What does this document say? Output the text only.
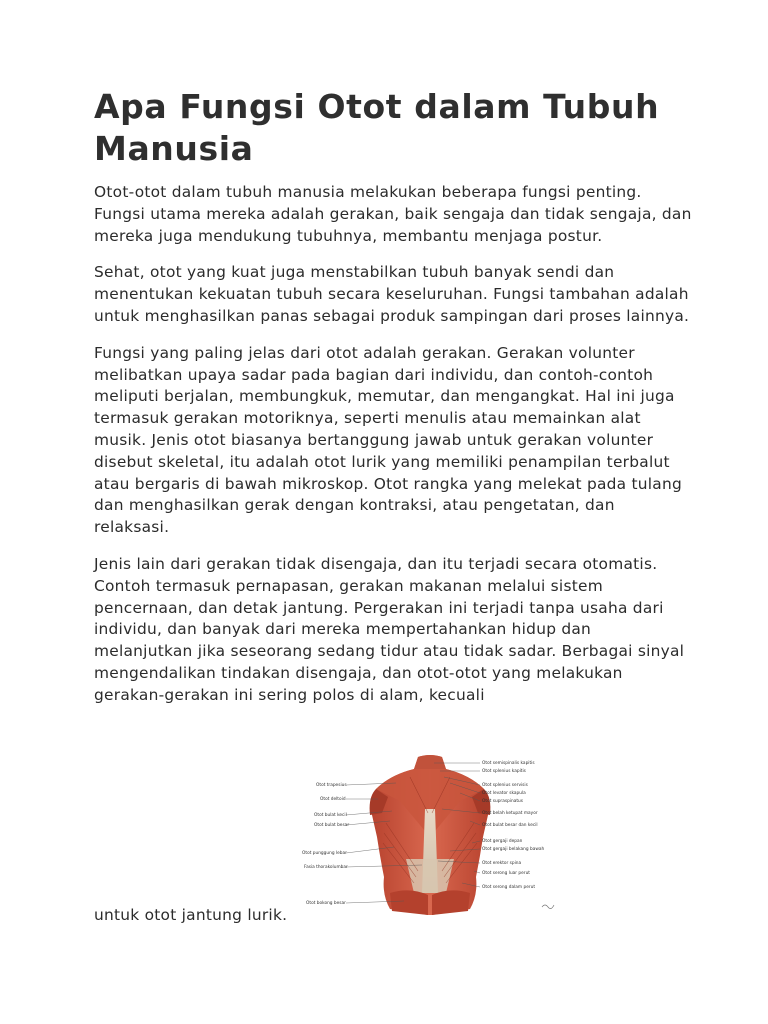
Apa Fungsi Otot dalam Tubuh Manusia

Otot-otot dalam tubuh manusia melakukan beberapa fungsi penting. Fungsi utama mereka adalah gerakan, baik sengaja dan tidak sengaja, dan mereka juga mendukung tubuhnya, membantu menjaga postur.

Sehat, otot yang kuat juga menstabilkan tubuh banyak sendi dan menentukan kekuatan tubuh secara keseluruhan. Fungsi tambahan adalah untuk menghasilkan panas sebagai produk sampingan dari proses lainnya.

Fungsi yang paling jelas dari otot adalah gerakan. Gerakan volunter melibatkan upaya sadar pada bagian dari individu, dan contoh-contoh meliputi berjalan, membungkuk, memutar, dan mengangkat. Hal ini juga termasuk gerakan motoriknya, seperti menulis atau memainkan alat musik. Jenis otot biasanya bertanggung jawab untuk gerakan volunter disebut skeletal, itu adalah otot lurik yang memiliki penampilan terbalut atau bergaris di bawah mikroskop. Otot rangka yang melekat pada tulang dan menghasilkan gerak dengan kontraksi, atau pengetatan, dan relaksasi.

Jenis lain dari gerakan tidak disengaja, dan itu terjadi secara otomatis. Contoh termasuk pernapasan, gerakan makanan melalui sistem pencernaan, dan detak jantung. Pergerakan ini terjadi tanpa usaha dari individu, dan banyak dari mereka mempertahankan hidup dan melanjutkan jika seseorang sedang tidur atau tidak sadar. Berbagai sinyal mengendalikan tindakan disengaja, dan otot-otot yang melakukan gerakan-gerakan ini sering polos di alam, kecuali

Otot trapesius
Otot deltoid
Otot bulat kecil
Otot bulat besar
Otot punggung lebar
Fasia thorakolumbar
Otot bokong besar
Otot semispinalis kapitis
Otot splenius kapitis
Otot splenius servisis
Otot levator skapula
Otot supraspinatus
Otot belah ketupat mayor
Otot bulat besar dan kecil
Otot gergaji depan
Otot gergaji belakang bawah
Otot erektor spina
Otot serong luar perut
Otot serong dalam perut
untuk otot jantung lurik.
